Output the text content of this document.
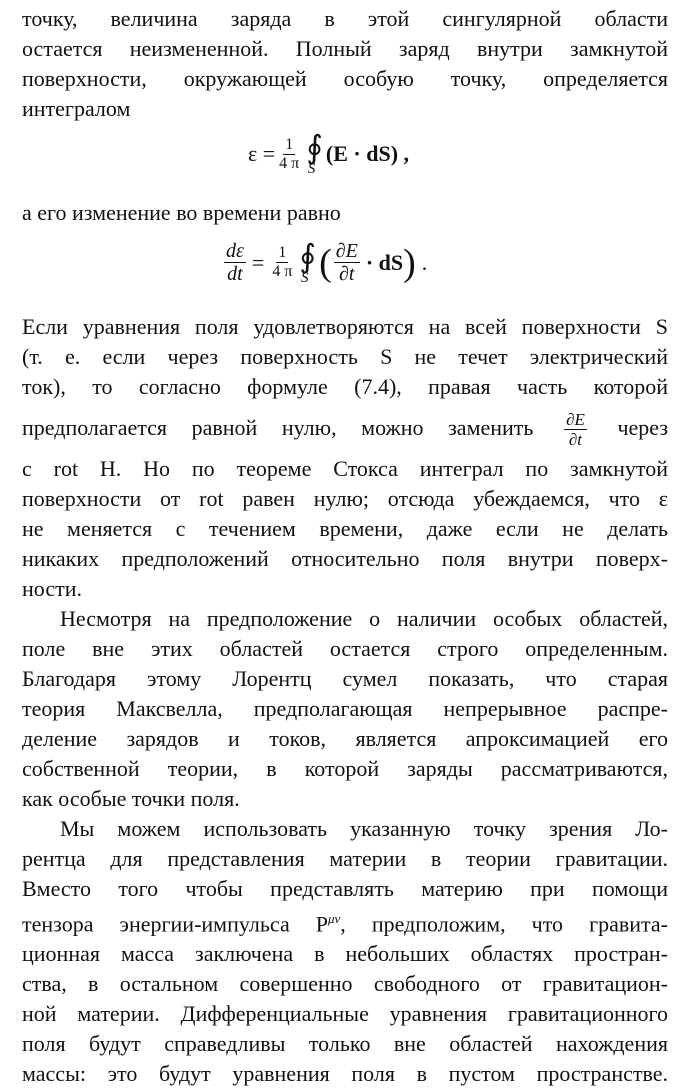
точку, величина заряда в этой сингулярной области

остается неизмененной. Полный заряд внутри замкнутой

поверхности, окружающей особую точку, определяется

интегралом

$\varepsilon = \frac{1}{4 \pi}$ ∮
S
(E · dS) ,

а его изменение во времени равно

$\frac{d\varepsilon}{dt} = \frac{1}{4 \pi}$ ∮
S ( $\frac{\partial E}{\partial t}$ · dS ) .

Если уравнения поля удовлетворяются на всей поверхности S

(т. е. если через поверхность S не течет электрический

ток), то согласно формуле (7.4), правая часть которой

предполагается равной нулю, можно заменить $\frac{\partial E}{\partial t}$ через

c rot H. Но по теореме Стокса интеграл по замкнутой

поверхности от rot равен нулю; отсюда убеждаемся, что ε

не меняется с течением времени, даже если не делать

никаких предположений относительно поля внутри поверх-

ности.

Несмотря на предположение о наличии особых областей,

поле вне этих областей остается строго определенным.

Благодаря этому Лорентц сумел показать, что старая

теория Максвелла, предполагающая непрерывное распре-

деление зарядов и токов, является апроксимацией его

собственной теории, в которой заряды рассматриваются,

как особые точки поля.

Мы можем использовать указанную точку зрения Ло-

рентца для представления материи в теории гравитации.

Вместо того чтобы представлять материю при помощи

тензора энергии-импульса $P^{\mu\nu}$, предположим, что гравита-

ционная масса заключена в небольших областях простран-

ства, в остальном совершенно свободного от гравитацион-

ной материи. Дифференциальные уравнения гравитационного

поля будут справедливы только вне областей нахождения

массы: это будут уравнения поля в пустом пространстве.
